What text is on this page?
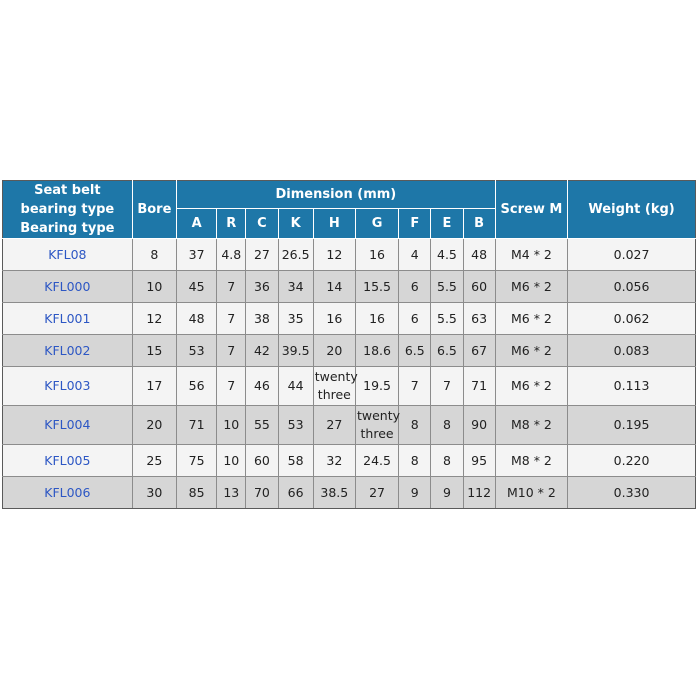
Seat belt bearing type Bearing type	Bore	Dimension (mm)									Screw M	Weight (kg)
		A	R	C	K	H	G	F	E	B		
KFL08	8	37	4.8	27	26.5	12	16	4	4.5	48	M4 * 2	0.027
KFL000	10	45	7	36	34	14	15.5	6	5.5	60	M6 * 2	0.056
KFL001	12	48	7	38	35	16	16	6	5.5	63	M6 * 2	0.062
KFL002	15	53	7	42	39.5	20	18.6	6.5	6.5	67	M6 * 2	0.083
KFL003	17	56	7	46	44	twenty three	19.5	7	7	71	M6 * 2	0.113
KFL004	20	71	10	55	53	27	twenty three	8	8	90	M8 * 2	0.195
KFL005	25	75	10	60	58	32	24.5	8	8	95	M8 * 2	0.220
KFL006	30	85	13	70	66	38.5	27	9	9	112	M10 * 2	0.330
